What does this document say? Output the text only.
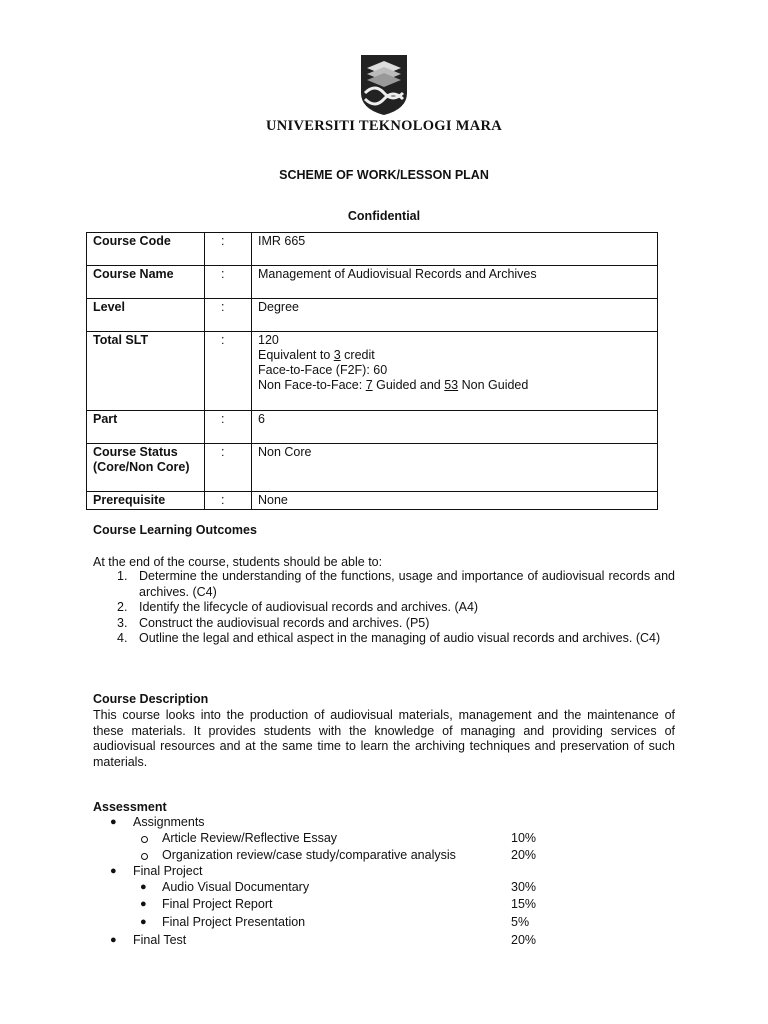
UNIVERSITI TEKNOLOGI MARA
SCHEME OF WORK/LESSON PLAN
Confidential
Course Code	:	IMR 665
Course Name	:	Management of Audiovisual Records and Archives
Level	:	Degree
Total SLT	:	120
Equivalent to 3 credit
Face-to-Face (F2F): 60
Non Face-to-Face: 7 Guided and 53 Non Guided

Part	:	6

Course Status
(Core/Non Core)	:	Non Core
Prerequisite	:	None
Course Learning Outcomes
At the end of the course, students should be able to:
1. Determine the understanding of the functions, usage and importance of audiovisual records and archives. (C4)
2. Identify the lifecycle of audiovisual records and archives. (A4)
3. Construct the audiovisual records and archives. (P5)
4. Outline the legal and ethical aspect in the managing of audio visual records and archives. (C4)
Course Description
This course looks into the production of audiovisual materials, management and the maintenance of these materials. It provides students with the knowledge of managing and providing services of audiovisual resources and at the same time to learn the archiving techniques and preservation of such materials.
Assessment
● Assignments
Article Review/Reflective Essay	10%
Organization review/case study/comparative analysis	20%
● Final Project
● Audio Visual Documentary	30%
● Final Project Report	15%
● Final Project Presentation	5%
● Final Test	20%
